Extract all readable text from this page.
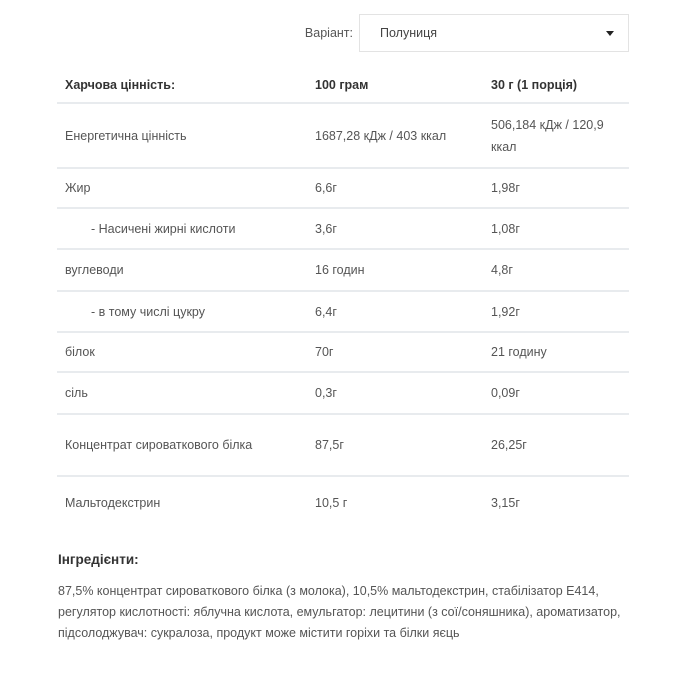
Варіант:	Полуниця
Харчова цінність:	100 грам	30 г (1 порція)
Енергетична цінність	1687,28 кДж / 403 ккал	506,184 кДж / 120,9 ккал
Жир	6,6г	1,98г
- Насичені жирні кислоти	3,6г	1,08г
вуглеводи	16 годин	4,8г
- в тому числі цукру	6,4г	1,92г
білок	70г	21 годину
сіль	0,3г	0,09г
Концентрат сироваткового білка	87,5г	26,25г
Мальтодекстрин	10,5 г	3,15г
Інгредієнти:
87,5% концентрат сироваткового білка (з молока), 10,5% мальтодекстрин, стабілізатор E414, регулятор кислотності: яблучна кислота, емульгатор: лецитини (з сої/соняшника), ароматизатор, підсолоджувач: сукралоза, продукт може містити горіхи та білки яєць
